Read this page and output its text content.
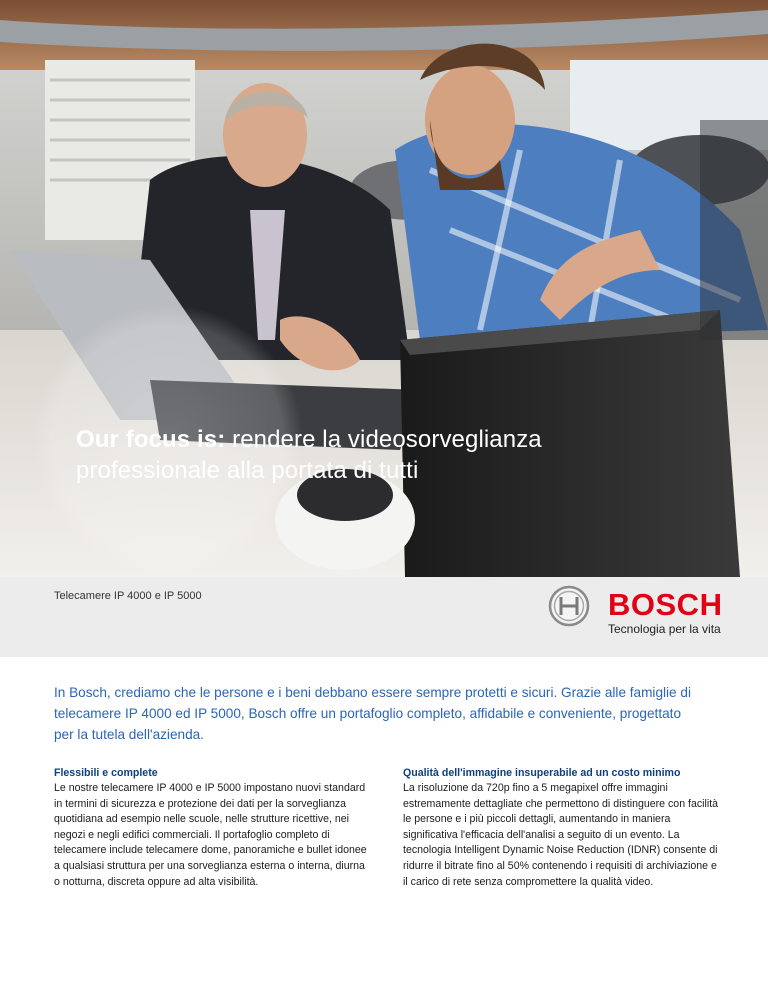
Our focus is: rendere la videosorveglianza professionale alla portata di tutti
Telecamere IP 4000 e IP 5000	BOSCH
Tecnologia per la vita

In Bosch, crediamo che le persone e i beni debbano essere sempre protetti e sicuri. Grazie alle famiglie di telecamere IP 4000 ed IP 5000, Bosch offre un portafoglio completo, affidabile e conveniente, progettato per la tutela dell'azienda.

Flessibili e complete

Le nostre telecamere IP 4000 e IP 5000 impostano nuovi standard in termini di sicurezza e protezione dei dati per la sorveglianza quotidiana ad esempio nelle scuole, nelle strutture ricettive, nei negozi e negli edifici commerciali. Il portafoglio completo di telecamere include telecamere dome, panoramiche e bullet idonee a qualsiasi struttura per una sorveglianza esterna o interna, diurna o notturna, discreta oppure ad alta visibilità.

Qualità dell'immagine insuperabile ad un costo minimo

La risoluzione da 720p fino a 5 megapixel offre immagini estremamente dettagliate che permettono di distinguere con facilità le persone e i più piccoli dettagli, aumentando in maniera significativa l'efficacia dell'analisi a seguito di un evento. La tecnologia Intelligent Dynamic Noise Reduction (IDNR) consente di ridurre il bitrate fino al 50% contenendo i requisiti di archiviazione e il carico di rete senza compromettere la qualità video.
